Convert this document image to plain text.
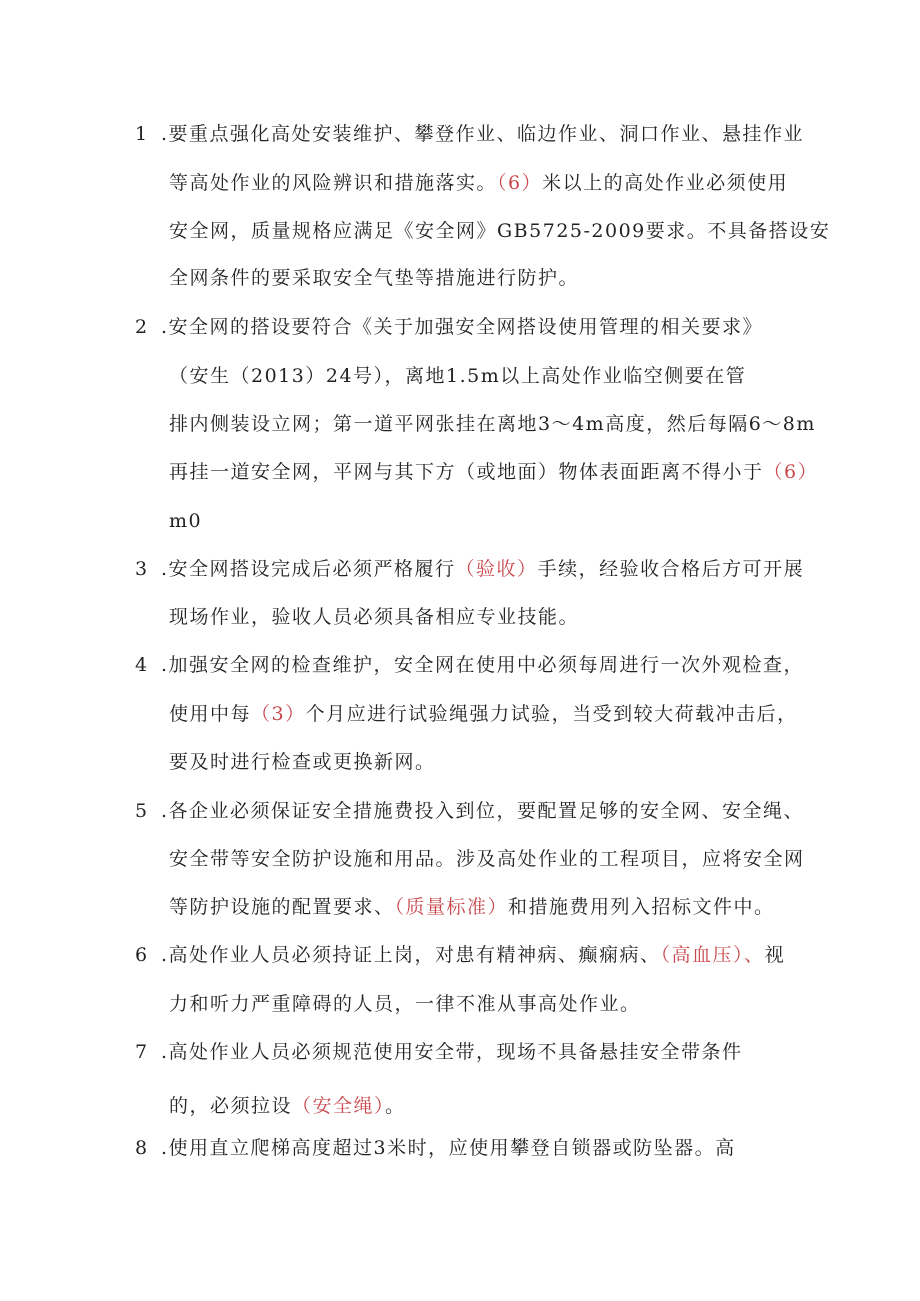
1 .要重点强化高处安装维护、攀登作业、临边作业、洞口作业、悬挂作业
等高处作业的风险辨识和措施落实。（6）米以上的高处作业必须使用
安全网，质量规格应满足《安全网》GB5725-2009要求。不具备搭设安
全网条件的要采取安全气垫等措施进行防护。
2 .安全网的搭设要符合《关于加强安全网搭设使用管理的相关要求》
（安生（2013）24号），离地1.5m以上高处作业临空侧要在管
排内侧装设立网；第一道平网张挂在离地3～4m高度，然后每隔6～8m
再挂一道安全网，平网与其下方（或地面）物体表面距离不得小于（6）
m0
3 .安全网搭设完成后必须严格履行（验收）手续，经验收合格后方可开展
现场作业，验收人员必须具备相应专业技能。
4 .加强安全网的检查维护，安全网在使用中必须每周进行一次外观检查，
使用中每（3）个月应进行试验绳强力试验，当受到较大荷载冲击后，
要及时进行检查或更换新网。
5 .各企业必须保证安全措施费投入到位，要配置足够的安全网、安全绳、
安全带等安全防护设施和用品。涉及高处作业的工程项目，应将安全网
等防护设施的配置要求、（质量标准）和措施费用列入招标文件中。
6 .高处作业人员必须持证上岗，对患有精神病、癫痫病、（高血压）、视
力和听力严重障碍的人员，一律不准从事高处作业。
7 .高处作业人员必须规范使用安全带，现场不具备悬挂安全带条件
的，必须拉设（安全绳）。
8 .使用直立爬梯高度超过3米时，应使用攀登自锁器或防坠器。高
